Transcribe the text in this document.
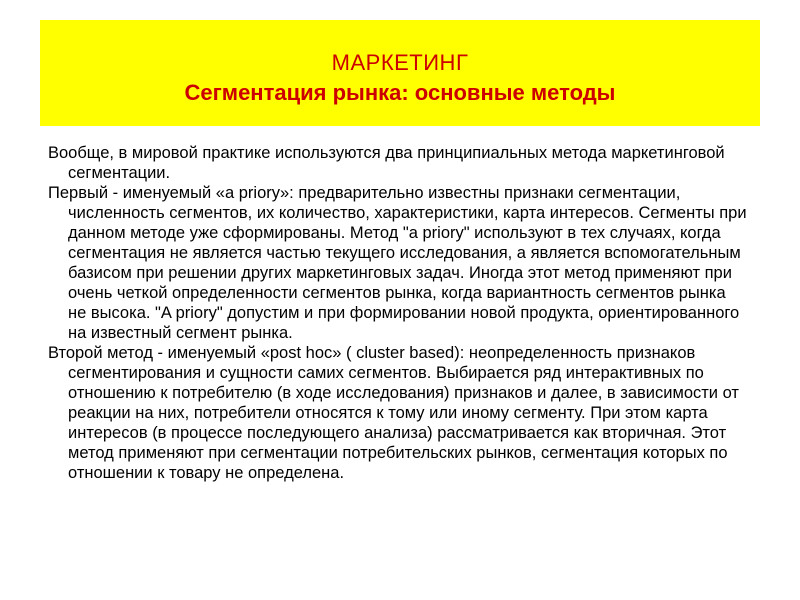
МАРКЕТИНГ
Сегментация рынка: основные методы

Вообще, в мировой практике используются два принципиальных метода маркетинговой сегментации.

Первый - именуемый «a priory»: предварительно известны признаки сегментации, численность сегментов, их количество, характеристики, карта интересов. Сегменты при данном методе уже сформированы. Метод "a priory" используют в тех случаях, когда сегментация не является частью текущего исследования, а является вспомогательным базисом при решении других маркетинговых задач. Иногда этот метод применяют при очень четкой определенности сегментов рынка, когда вариантность сегментов рынка не высока. "A priory" допустим и при формировании новой продукта, ориентированного на известный сегмент рынка.

Второй метод - именуемый «post hoc» ( cluster based): неопределенность признаков сегментирования и сущности самих сегментов. Выбирается ряд интерактивных по отношению к потребителю (в ходе исследования) признаков и далее, в зависимости от реакции на них, потребители относятся к тому или иному сегменту. При этом карта интересов (в процессе последующего анализа) рассматривается как вторичная. Этот метод применяют при сегментации потребительских рынков, сегментация которых по отношении к товару не определена.
